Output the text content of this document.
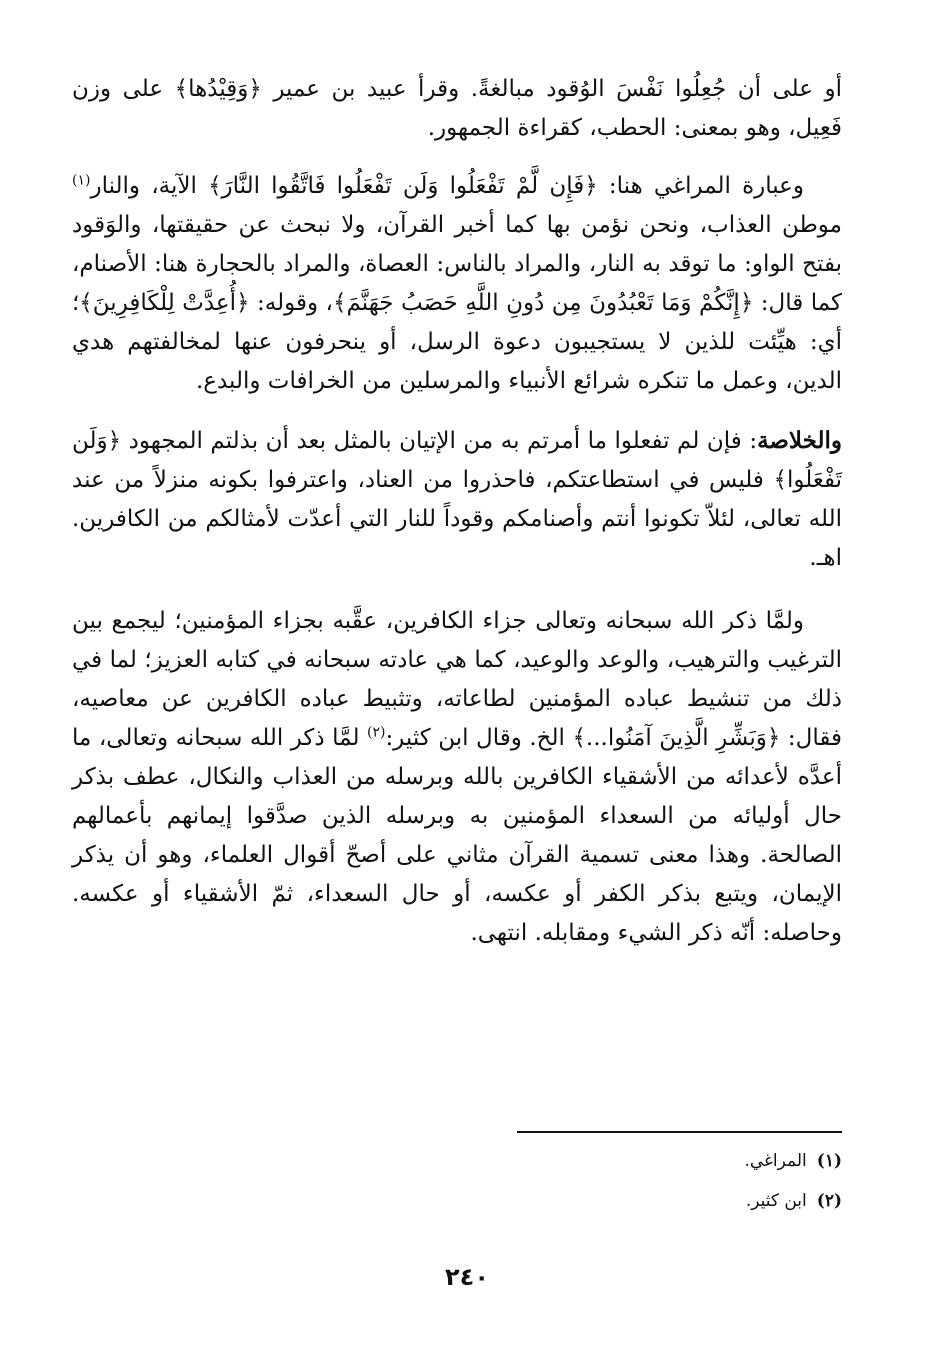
أو على أن جُعِلُوا نَفْسَ الوُقود مبالغةً. وقرأ عبيد بن عمير ﴿وَقِيْدُها﴾ على وزن فَعِيل، وهو بمعنى: الحطب، كقراءة الجمهور.

وعبارة المراغي هنا: ﴿فَإِن لَّمْ تَفْعَلُوا وَلَن تَفْعَلُوا فَاتَّقُوا النَّارَ﴾ الآية، والنار$^{(١)}$ موطن العذاب، ونحن نؤمن بها كما أخبر القرآن، ولا نبحث عن حقيقتها، والوَقود بفتح الواو: ما توقد به النار، والمراد بالناس: العصاة، والمراد بالحجارة هنا: الأصنام، كما قال: ﴿إِنَّكُمْ وَمَا تَعْبُدُونَ مِن دُونِ اللَّهِ حَصَبُ جَهَنَّمَ﴾، وقوله: ﴿أُعِدَّتْ لِلْكَافِرِينَ﴾؛ أي: هيِّئت للذين لا يستجيبون دعوة الرسل، أو ينحرفون عنها لمخالفتهم هدي الدين، وعمل ما تنكره شرائع الأنبياء والمرسلين من الخرافات والبدع.

والخلاصة: فإن لم تفعلوا ما أمرتم به من الإتيان بالمثل بعد أن بذلتم المجهود ﴿وَلَن تَفْعَلُوا﴾ فليس في استطاعتكم، فاحذروا من العناد، واعترفوا بكونه منزلاً من عند الله تعالى، لئلاّ تكونوا أنتم وأصنامكم وقوداً للنار التي أعدّت لأمثالكم من الكافرين. اهـ.

ولمَّا ذكر الله سبحانه وتعالى جزاء الكافرين، عقَّبه بجزاء المؤمنين؛ ليجمع بين الترغيب والترهيب، والوعد والوعيد، كما هي عادته سبحانه في كتابه العزيز؛ لما في ذلك من تنشيط عباده المؤمنين لطاعاته، وتثبيط عباده الكافرين عن معاصيه، فقال: ﴿وَبَشِّرِ الَّذِينَ آمَنُوا...﴾ الخ. وقال ابن كثير:$^{(٢)}$ لمَّا ذكر الله سبحانه وتعالى، ما أعدَّه لأعدائه من الأشقياء الكافرين بالله وبرسله من العذاب والنكال، عطف بذكر حال أوليائه من السعداء المؤمنين به وبرسله الذين صدَّقوا إيمانهم بأعمالهم الصالحة. وهذا معنى تسمية القرآن مثاني على أصحّ أقوال العلماء، وهو أن يذكر الإيمان، ويتبع بذكر الكفر أو عكسه، أو حال السعداء، ثمّ الأشقياء أو عكسه. وحاصله: أنّه ذكر الشيء ومقابله. انتهى.

(١)المراغي.

(٢)ابن كثير.

٢٤٠
